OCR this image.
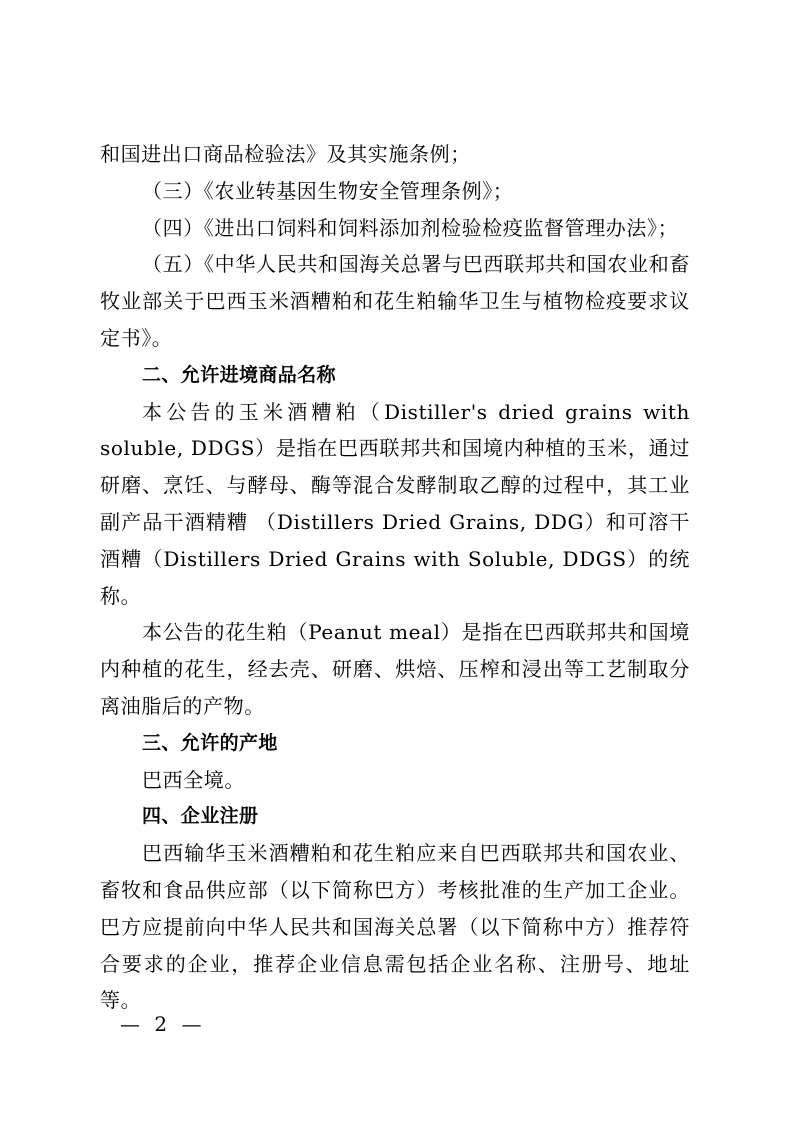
和国进出口商品检验法》及其实施条例；

（三）《农业转基因生物安全管理条例》；

（四）《进出口饲料和饲料添加剂检验检疫监督管理办法》；

（五）《中华人民共和国海关总署与巴西联邦共和国农业和畜牧业部关于巴西玉米酒糟粕和花生粕输华卫生与植物检疫要求议定书》。

二、允许进境商品名称

本公告的玉米酒糟粕（Distiller's dried grains with soluble, DDGS）是指在巴西联邦共和国境内种植的玉米，通过研磨、烹饪、与酵母、酶等混合发酵制取乙醇的过程中，其工业副产品干酒精糟 （Distillers Dried Grains, DDG）和可溶干酒糟（Distillers Dried Grains with Soluble, DDGS）的统称。

本公告的花生粕（Peanut meal）是指在巴西联邦共和国境内种植的花生，经去壳、研磨、烘焙、压榨和浸出等工艺制取分离油脂后的产物。

三、允许的产地

巴西全境。

四、企业注册

巴西输华玉米酒糟粕和花生粕应来自巴西联邦共和国农业、畜牧和食品供应部（以下简称巴方）考核批准的生产加工企业。巴方应提前向中华人民共和国海关总署（以下简称中方）推荐符合要求的企业，推荐企业信息需包括企业名称、注册号、地址等。

— 2 —
